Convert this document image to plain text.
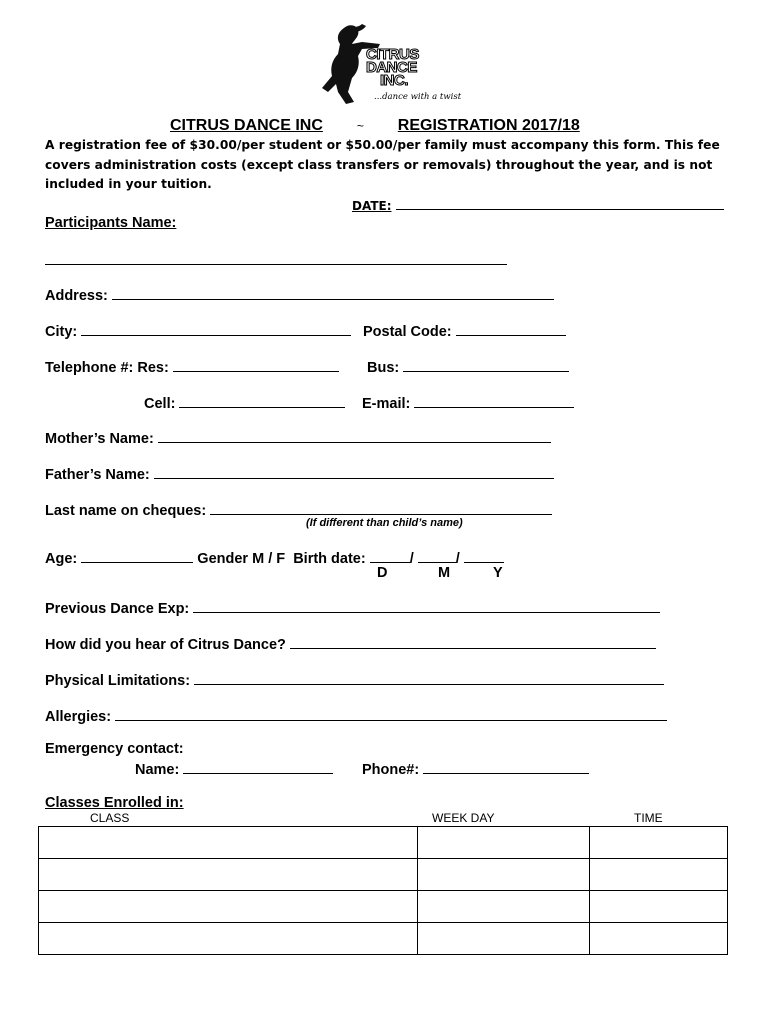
CITRUS
DANCE
INC.
...dance with a twist
CITRUS DANCE INC	~ REGISTRATION 2017/18
A registration fee of $30.00/per student or $50.00/per family must accompany this form. This fee covers administration costs (except class transfers or removals) throughout the year, and is not included in your tuition.
DATE:
Participants Name:
Address:
City:	Postal Code:
Telephone #: Res:	Bus:
Cell:	E-mail:
Mother’s Name:
Father’s Name:
Last name on cheques:
(If different than child’s name)
Age:	Gender M / F Birth date:	/	/
D	M	Y
Previous Dance Exp:
How did you hear of Citrus Dance?
Physical Limitations:
Allergies:
Emergency contact:
Name:	Phone#:
Classes Enrolled in:
CLASS	WEEK DAY	TIME
